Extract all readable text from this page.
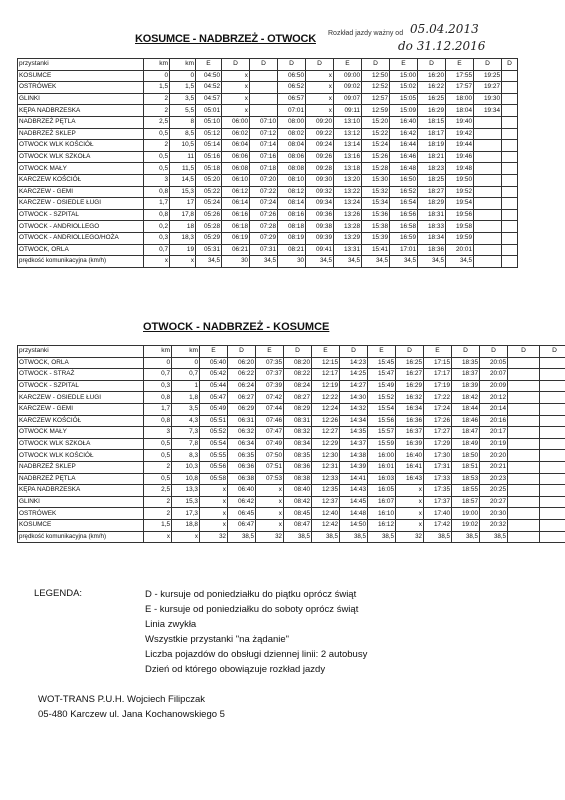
KOSUMCE - NADBRZEŻ - OTWOCK Rozkład jazdy ważny od 05.04.2013
do 31.12.2016
przystanki	km	km	E	D	D	D	D	E	D	E	D	E	D	D
KOSUMCE	0	0	04:50	x		06:50	x	09:00	12:50	15:00	16:20	17:55	19:25	
OSTRÓWEK	1,5	1,5	04:52	x		06:52	x	09:02	12:52	15:02	16:22	17:57	19:27	
GLINKI	2	3,5	04:57	x		06:57	x	09:07	12:57	15:05	16:25	18:00	19:30	
KĘPA NADBRZESKA	2	5,5	05:01	x		07:01	x	09:11	12:59	15:09	16:29	18:04	19:34	
NADBRZEŻ PĘTLA	2,5	8	05:10	06:00	07:10	08:00	09:20	13:10	15:20	16:40	18:15	19:40		
NADBRZEŻ SKLEP	0,5	8,5	05:12	06:02	07:12	08:02	09:22	13:12	15:22	16:42	18:17	19:42		
OTWOCK WLK KOŚCIÓŁ	2	10,5	05:14	06:04	07:14	08:04	09:24	13:14	15:24	16:44	18:19	19:44		
OTWOCK WLK SZKOŁA	0,5	11	05:16	06:06	07:16	08:06	09:26	13:16	15:26	16:46	18:21	19:46		
OTWOCK MAŁY	0,5	11,5	05:18	06:08	07:18	08:08	09:28	13:18	15:28	16:48	18:23	19:48		
KARCZEW KOŚCIÓŁ	3	14,5	05:20	06:10	07:20	08:10	09:30	13:20	15:30	16:50	18:25	19:50		
KARCZEW - GEMI	0,8	15,3	05:22	06:12	07:22	08:12	09:32	13:22	15:32	16:52	18:27	19:52		
KARCZEW - OSIEDLE ŁUGI	1,7	17	05:24	06:14	07:24	08:14	09:34	13:24	15:34	16:54	18:29	19:54		
OTWOCK - SZPITAL	0,8	17,8	05:26	06:16	07:26	08:16	09:36	13:26	15:36	16:56	18:31	19:56		
OTWOCK - ANDRIOLLEGO	0,2	18	05:28	06:18	07:28	08:18	09:38	13:28	15:38	16:58	18:33	19:58		
OTWOCK - ANDRIOLLEGO/HOŻA	0,3	18,3	05:29	06:19	07:29	08:19	09:39	13:29	15:39	16:59	18:34	19:59		
OTWOCK, ORLA	0,7	19	05:31	06:21	07:31	08:21	09:41	13:31	15:41	17:01	18:36	20:01		
prędkość komunikacyjna (km/h)	x	x	34,5	30	34,5	30	34,5	34,5	34,5	34,5	34,5	34,5		
OTWOCK - NADBRZEŻ - KOSUMCE
przystanki	km	km	E	D	E	D	E	D	E	D	E	D	D	D	D
OTWOCK, ORLA	0	0	05:40	06:20	07:35	08:20	12:15	14:23	15:45	16:25	17:15	18:35	20:05		
OTWOCK - STRAŻ	0,7	0,7	05:42	06:22	07:37	08:22	12:17	14:25	15:47	16:27	17:17	18:37	20:07		
OTWOCK - SZPITAL	0,3	1	05:44	06:24	07:39	08:24	12:19	14:27	15:49	16:29	17:19	18:39	20:09		
KARCZEW - OSIEDLE ŁUGI	0,8	1,8	05:47	06:27	07:42	08:27	12:22	14:30	15:52	16:32	17:22	18:42	20:12		
KARCZEW - GEMI	1,7	3,5	05:49	06:29	07:44	08:29	12:24	14:32	15:54	16:34	17:24	18:44	20:14		
KARCZEW KOŚCIÓŁ	0,8	4,3	05:51	06:31	07:46	08:31	12:26	14:34	15:56	16:36	17:26	18:46	20:16		
OTWOCK MAŁY	3	7,3	05:52	06:32	07:47	08:32	12:27	14:35	15:57	16:37	17:27	18:47	20:17		
OTWOCK WLK SZKOŁA	0,5	7,8	05:54	06:34	07:49	08:34	12:29	14:37	15:59	16:39	17:29	18:49	20:19		
OTWOCK WLK KOŚCIÓŁ	0,5	8,3	05:55	06:35	07:50	08:35	12:30	14:38	16:00	16:40	17:30	18:50	20:20		
NADBRZEŻ SKLEP	2	10,3	05:56	06:36	07:51	08:36	12:31	14:39	16:01	16:41	17:31	18:51	20:21		
NADBRZEŻ PĘTLA	0,5	10,8	05:58	06:38	07:53	08:38	12:33	14:41	16:03	16:43	17:33	18:53	20:23		
KĘPA NADBRZESKA	2,5	13,3	x	06:40	x	08:40	12:35	14:43	16:05	x	17:35	18:55	20:25		
GLINKI	2	15,3	x	06:42	x	08:42	12:37	14:45	16:07	x	17:37	18:57	20:27		
OSTRÓWEK	2	17,3	x	06:45	x	08:45	12:40	14:48	16:10	x	17:40	19:00	20:30		
KOSUMCE	1,5	18,8	x	06:47	x	08:47	12:42	14:50	16:12	x	17:42	19:02	20:32		
prędkość komunikacyjna (km/h)	x	x	32	38,5	32	38,5	38,5	38,5	38,5	32	38,5	38,5	38,5		
LEGENDA:	D - kursuje od poniedziałku do piątku oprócz świąt
E - kursuje od poniedziałku do soboty oprócz świąt
Linia zwykła
Wszystkie przystanki "na żądanie"
Liczba pojazdów do obsługi dziennej linii: 2 autobusy
Dzień od którego obowiązuje rozkład jazdy
WOT-TRANS P.U.H. Wojciech Filipczak
05-480 Karczew ul. Jana Kochanowskiego 5
